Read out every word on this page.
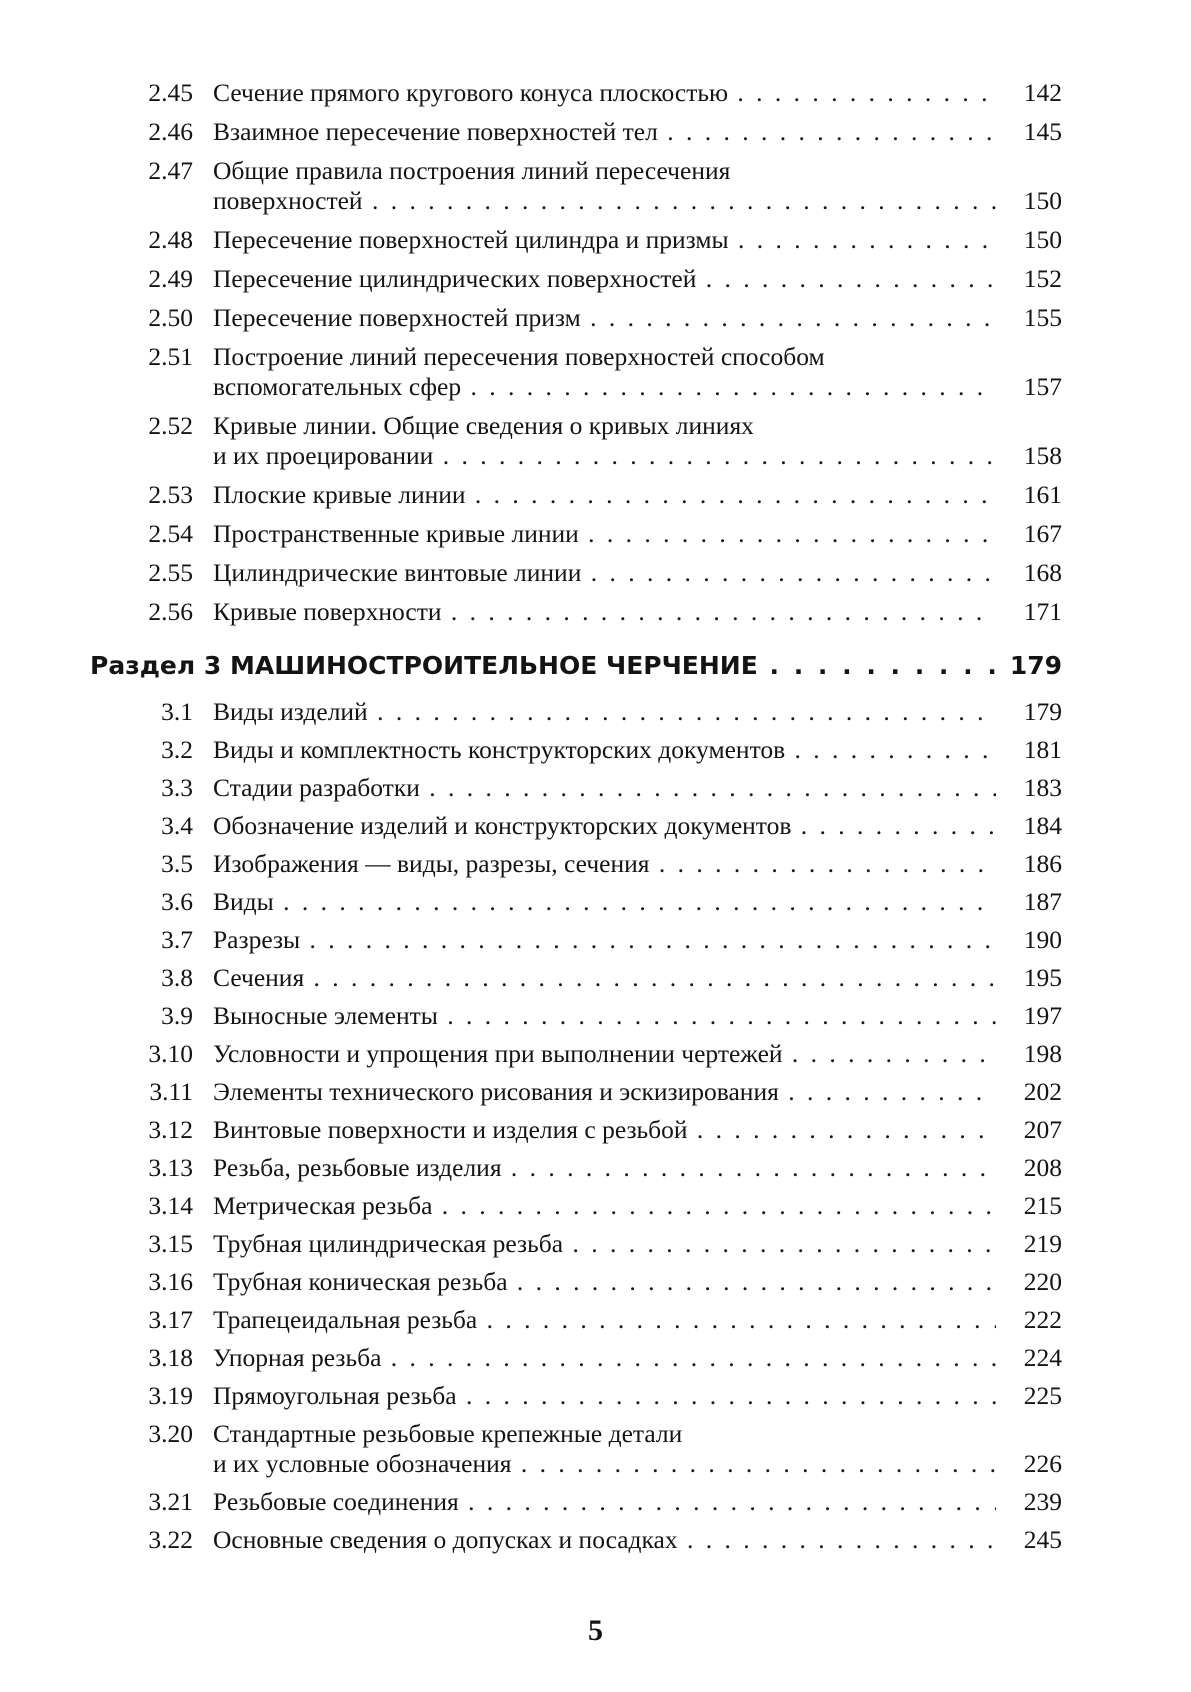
2.45 Сечение прямого кругового конуса плоскостью . . .	142
2.46 Взаимное пересечение поверхностей тел . . .	145
2.47 Общие правила построения линий пересечения
поверхностей . . .	150
2.48 Пересечение поверхностей цилиндра и призмы . . .	150
2.49 Пересечение цилиндрических поверхностей . . .	152
2.50 Пересечение поверхностей призм . . .	155
2.51 Построение линий пересечения поверхностей способом
вспомогательных сфер . . .	157
2.52 Кривые линии. Общие сведения о кривых линиях
и их проецировании . . .	158
2.53 Плоские кривые линии . . .	161
2.54 Пространственные кривые линии . . .	167
2.55 Цилиндрические винтовые линии . . .	168
2.56 Кривые поверхности . . .	171
Раздел 3 МАШИНОСТРОИТЕЛЬНОЕ ЧЕРЧЕНИЕ . . .	179
3.1 Виды изделий . . .	179
3.2 Виды и комплектность конструкторских документов . . .	181
3.3 Стадии разработки . . .	183
3.4 Обозначение изделий и конструкторских документов . . .	184
3.5 Изображения — виды, разрезы, сечения . . .	186
3.6 Виды . . .	187
3.7 Разрезы . . .	190
3.8 Сечения . . .	195
3.9 Выносные элементы . . .	197
3.10 Условности и упрощения при выполнении чертежей . . .	198
3.11 Элементы технического рисования и эскизирования . . .	202
3.12 Винтовые поверхности и изделия с резьбой . . .	207
3.13 Резьба, резьбовые изделия . . .	208
3.14 Метрическая резьба . . .	215
3.15 Трубная цилиндрическая резьба . . .	219
3.16 Трубная коническая резьба . . .	220
3.17 Трапецеидальная резьба . . .	222
3.18 Упорная резьба . . .	224
3.19 Прямоугольная резьба . . .	225
3.20 Стандартные резьбовые крепежные детали
и их условные обозначения . . .	226
3.21 Резьбовые соединения . . .	239
3.22 Основные сведения о допусках и посадках . . .	245
5
